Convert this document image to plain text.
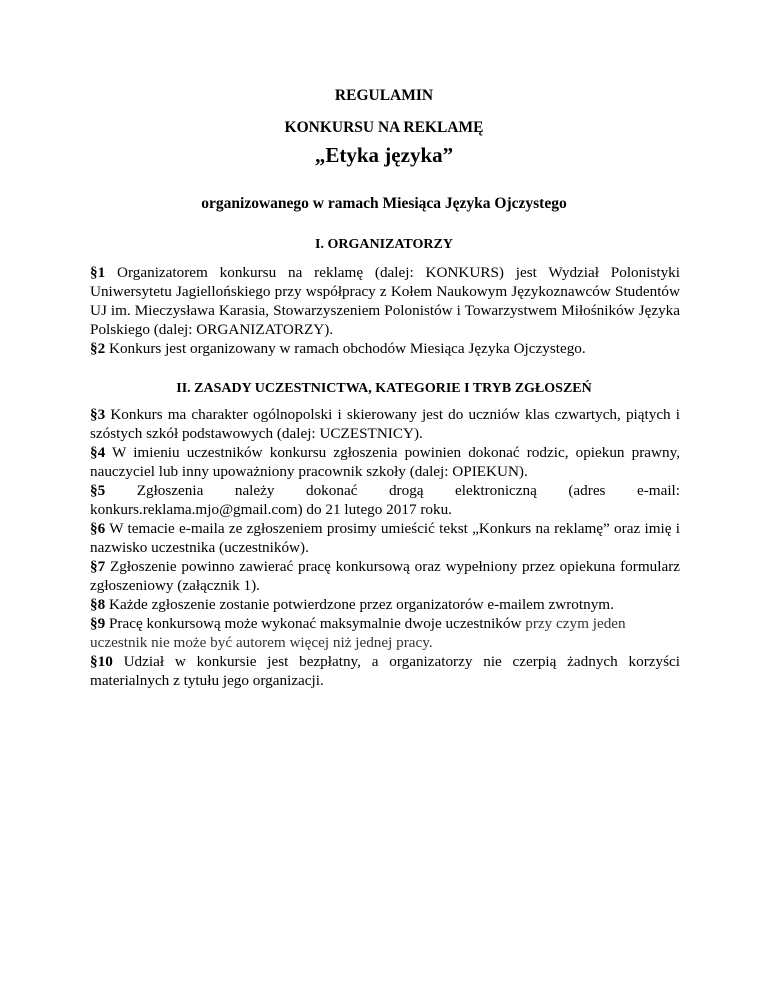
REGULAMIN
KONKURSU NA REKLAMĘ
„Etyka języka”
organizowanego w ramach Miesiąca Języka Ojczystego
I. ORGANIZATORZY

§1 Organizatorem konkursu na reklamę (dalej: KONKURS) jest Wydział Polonistyki Uniwersytetu Jagiellońskiego przy współpracy z Kołem Naukowym Językoznawców Studentów UJ im. Mieczysława Karasia, Stowarzyszeniem Polonistów i Towarzystwem Miłośników Języka Polskiego (dalej: ORGANIZATORZY).

§2 Konkurs jest organizowany w ramach obchodów Miesiąca Języka Ojczystego.

II. ZASADY UCZESTNICTWA, KATEGORIE I TRYB ZGŁOSZEŃ

§3 Konkurs ma charakter ogólnopolski i skierowany jest do uczniów klas czwartych, piątych i szóstych szkół podstawowych (dalej: UCZESTNICY).

§4 W imieniu uczestników konkursu zgłoszenia powinien dokonać rodzic, opiekun prawny, nauczyciel lub inny upoważniony pracownik szkoły (dalej: OPIEKUN).

§5 Zgłoszenia należy dokonać drogą elektroniczną (adres e-mail:

konkurs.reklama.mjo@gmail.com) do 21 lutego 2017 roku.

§6 W temacie e-maila ze zgłoszeniem prosimy umieścić tekst „Konkurs na reklamę” oraz imię i nazwisko uczestnika (uczestników).

§7 Zgłoszenie powinno zawierać pracę konkursową oraz wypełniony przez opiekuna formularz zgłoszeniowy (załącznik 1).

§8 Każde zgłoszenie zostanie potwierdzone przez organizatorów e-mailem zwrotnym.

§9 Pracę konkursową może wykonać maksymalnie dwoje uczestników przy czym jeden uczestnik nie może być autorem więcej niż jednej pracy.

§10 Udział w konkursie jest bezpłatny, a organizatorzy nie czerpią żadnych korzyści materialnych z tytułu jego organizacji.
